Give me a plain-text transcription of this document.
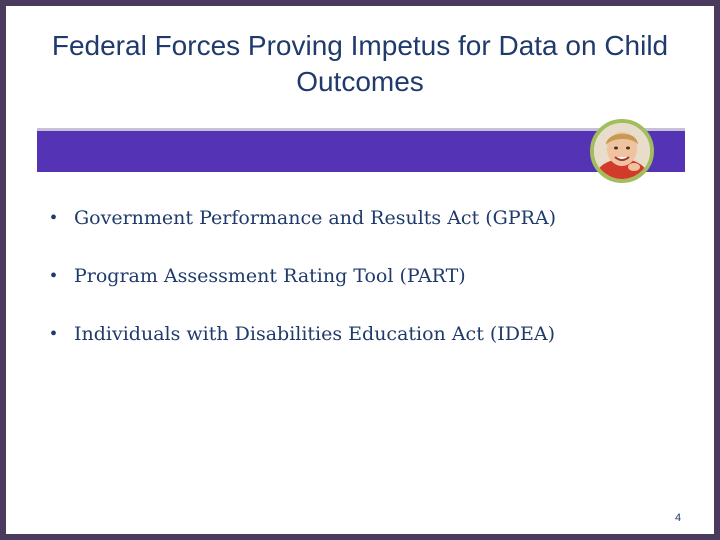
Federal Forces Proving Impetus for Data on Child Outcomes
• Government Performance and Results Act (GPRA)
• Program Assessment Rating Tool (PART)
• Individuals with Disabilities Education Act (IDEA)
4
